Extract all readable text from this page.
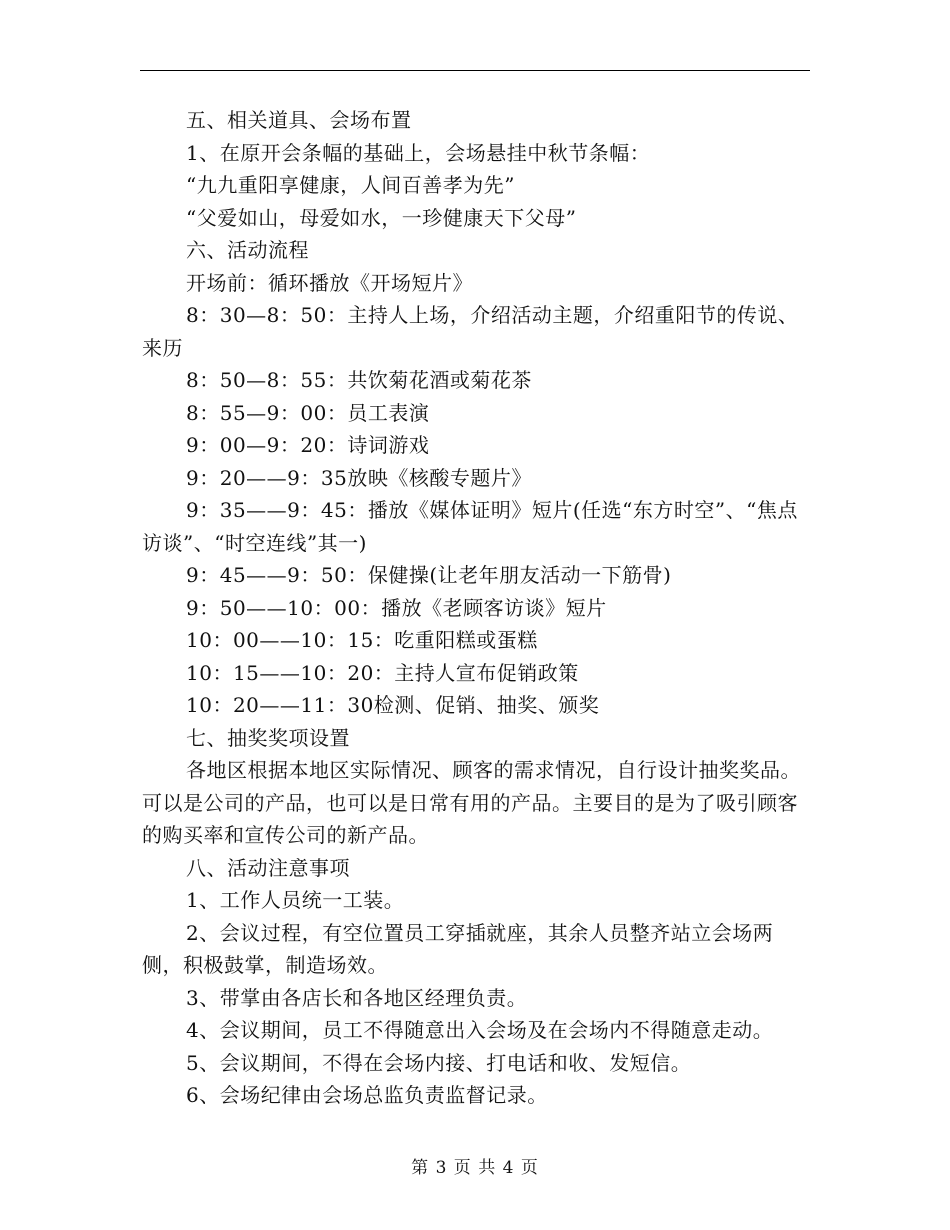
五、相关道具、会场布置

1、在原开会条幅的基础上，会场悬挂中秋节条幅：

“九九重阳享健康，人间百善孝为先”

“父爱如山，母爱如水，一珍健康天下父母”

六、活动流程

开场前：循环播放《开场短片》

8：30—8：50：主持人上场，介绍活动主题，介绍重阳节的传说、来历

8：50—8：55：共饮菊花酒或菊花茶

8：55—9：00：员工表演

9：00—9：20：诗词游戏

9：20——9：35放映《核酸专题片》

9：35——9：45：播放《媒体证明》短片(任选“东方时空”、“焦点访谈”、“时空连线”其一)

9：45——9：50：保健操(让老年朋友活动一下筋骨)

9：50——10：00：播放《老顾客访谈》短片

10：00——10：15：吃重阳糕或蛋糕

10：15——10：20：主持人宣布促销政策

10：20——11：30检测、促销、抽奖、颁奖

七、抽奖奖项设置

各地区根据本地区实际情况、顾客的需求情况，自行设计抽奖奖品。可以是公司的产品，也可以是日常有用的产品。主要目的是为了吸引顾客的购买率和宣传公司的新产品。

八、活动注意事项

1、工作人员统一工装。

2、会议过程，有空位置员工穿插就座，其余人员整齐站立会场两侧，积极鼓掌，制造场效。

3、带掌由各店长和各地区经理负责。

4、会议期间，员工不得随意出入会场及在会场内不得随意走动。

5、会议期间，不得在会场内接、打电话和收、发短信。

6、会场纪律由会场总监负责监督记录。

第 3 页 共 4 页
